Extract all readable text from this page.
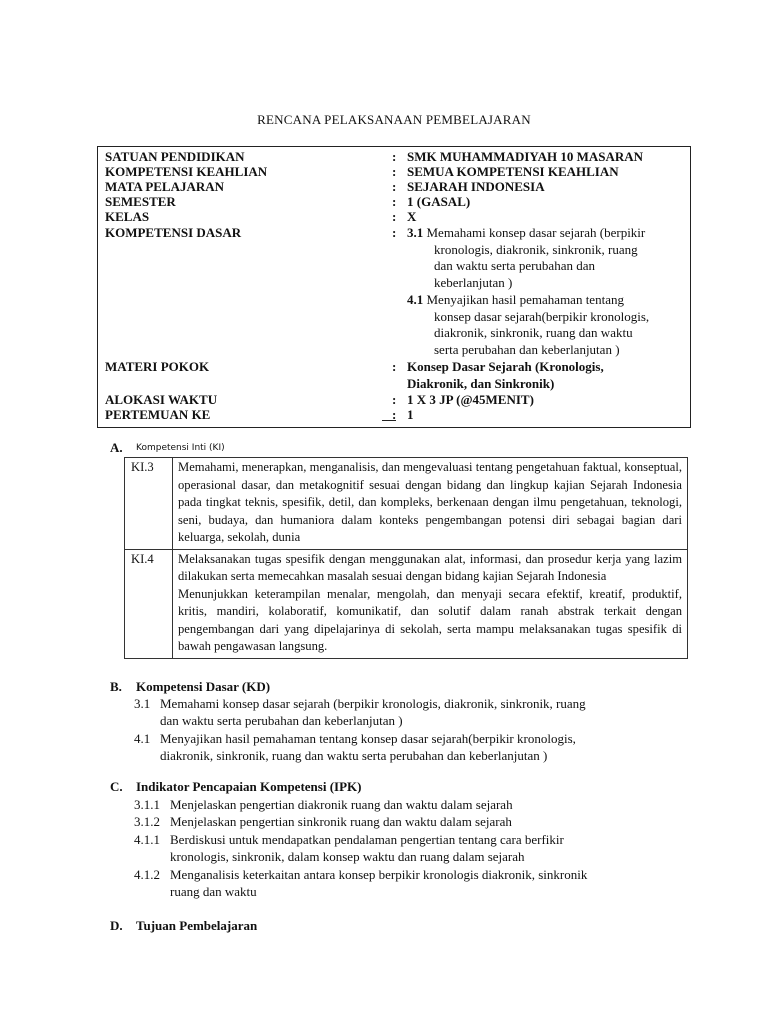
RENCANA PELAKSANAAN PEMBELAJARAN
SATUAN PENDIDIKAN	: SMK MUHAMMADIYAH 10 MASARAN
KOMPETENSI KEAHLIAN	: SEMUA KOMPETENSI KEAHLIAN
MATA PELAJARAN	: SEJARAH INDONESIA
SEMESTER	: 1 (GASAL)
KELAS	: X
KOMPETENSI DASAR	: 3.1 Memahami konsep dasar sejarah (berpikir
kronologis, diakronik, sinkronik, ruang
dan waktu serta perubahan dan
keberlanjutan )
4.1 Menyajikan hasil pemahaman tentang
konsep dasar sejarah(berpikir kronologis,
diakronik, sinkronik, ruang dan waktu
serta perubahan dan keberlanjutan )
MATERI POKOK	: Konsep Dasar Sejarah (Kronologis,
Diakronik, dan Sinkronik)
ALOKASI WAKTU	: 1 X 3 JP (@45MENIT)
PERTEMUAN KE	: 1
A. Kompetensi Inti (KI)
KI.3	Memahami, menerapkan, menganalisis, dan mengevaluasi tentang pengetahuan faktual, konseptual, operasional dasar, dan metakognitif sesuai dengan bidang dan lingkup kajian Sejarah Indonesia pada tingkat teknis, spesifik, detil, dan kompleks, berkenaan dengan ilmu pengetahuan, teknologi, seni, budaya, dan humaniora dalam konteks pengembangan potensi diri sebagai bagian dari keluarga, sekolah, dunia

KI.4	Melaksanakan tugas spesifik dengan menggunakan alat, informasi, dan prosedur kerja yang lazim dilakukan serta memecahkan masalah sesuai dengan bidang kajian Sejarah Indonesia
Menunjukkan keterampilan menalar, mengolah, dan menyaji secara efektif, kreatif, produktif, kritis, mandiri, kolaboratif, komunikatif, dan solutif dalam ranah abstrak terkait dengan pengembangan dari yang dipelajarinya di sekolah, serta mampu melaksanakan tugas spesifik di bawah pengawasan langsung.
B. Kompetensi Dasar (KD)
3.1 Memahami konsep dasar sejarah (berpikir kronologis, diakronik, sinkronik, ruang
dan waktu serta perubahan dan keberlanjutan )
4.1 Menyajikan hasil pemahaman tentang konsep dasar sejarah(berpikir kronologis,
diakronik, sinkronik, ruang dan waktu serta perubahan dan keberlanjutan )
C. Indikator Pencapaian Kompetensi (IPK)
3.1.1 Menjelaskan pengertian diakronik ruang dan waktu dalam sejarah
3.1.2 Menjelaskan pengertian sinkronik ruang dan waktu dalam sejarah
4.1.1 Berdiskusi untuk mendapatkan pendalaman pengertian tentang cara berfikir
kronologis, sinkronik, dalam konsep waktu dan ruang dalam sejarah
4.1.2 Menganalisis keterkaitan antara konsep berpikir kronologis diakronik, sinkronik
ruang dan waktu
D. Tujuan Pembelajaran
